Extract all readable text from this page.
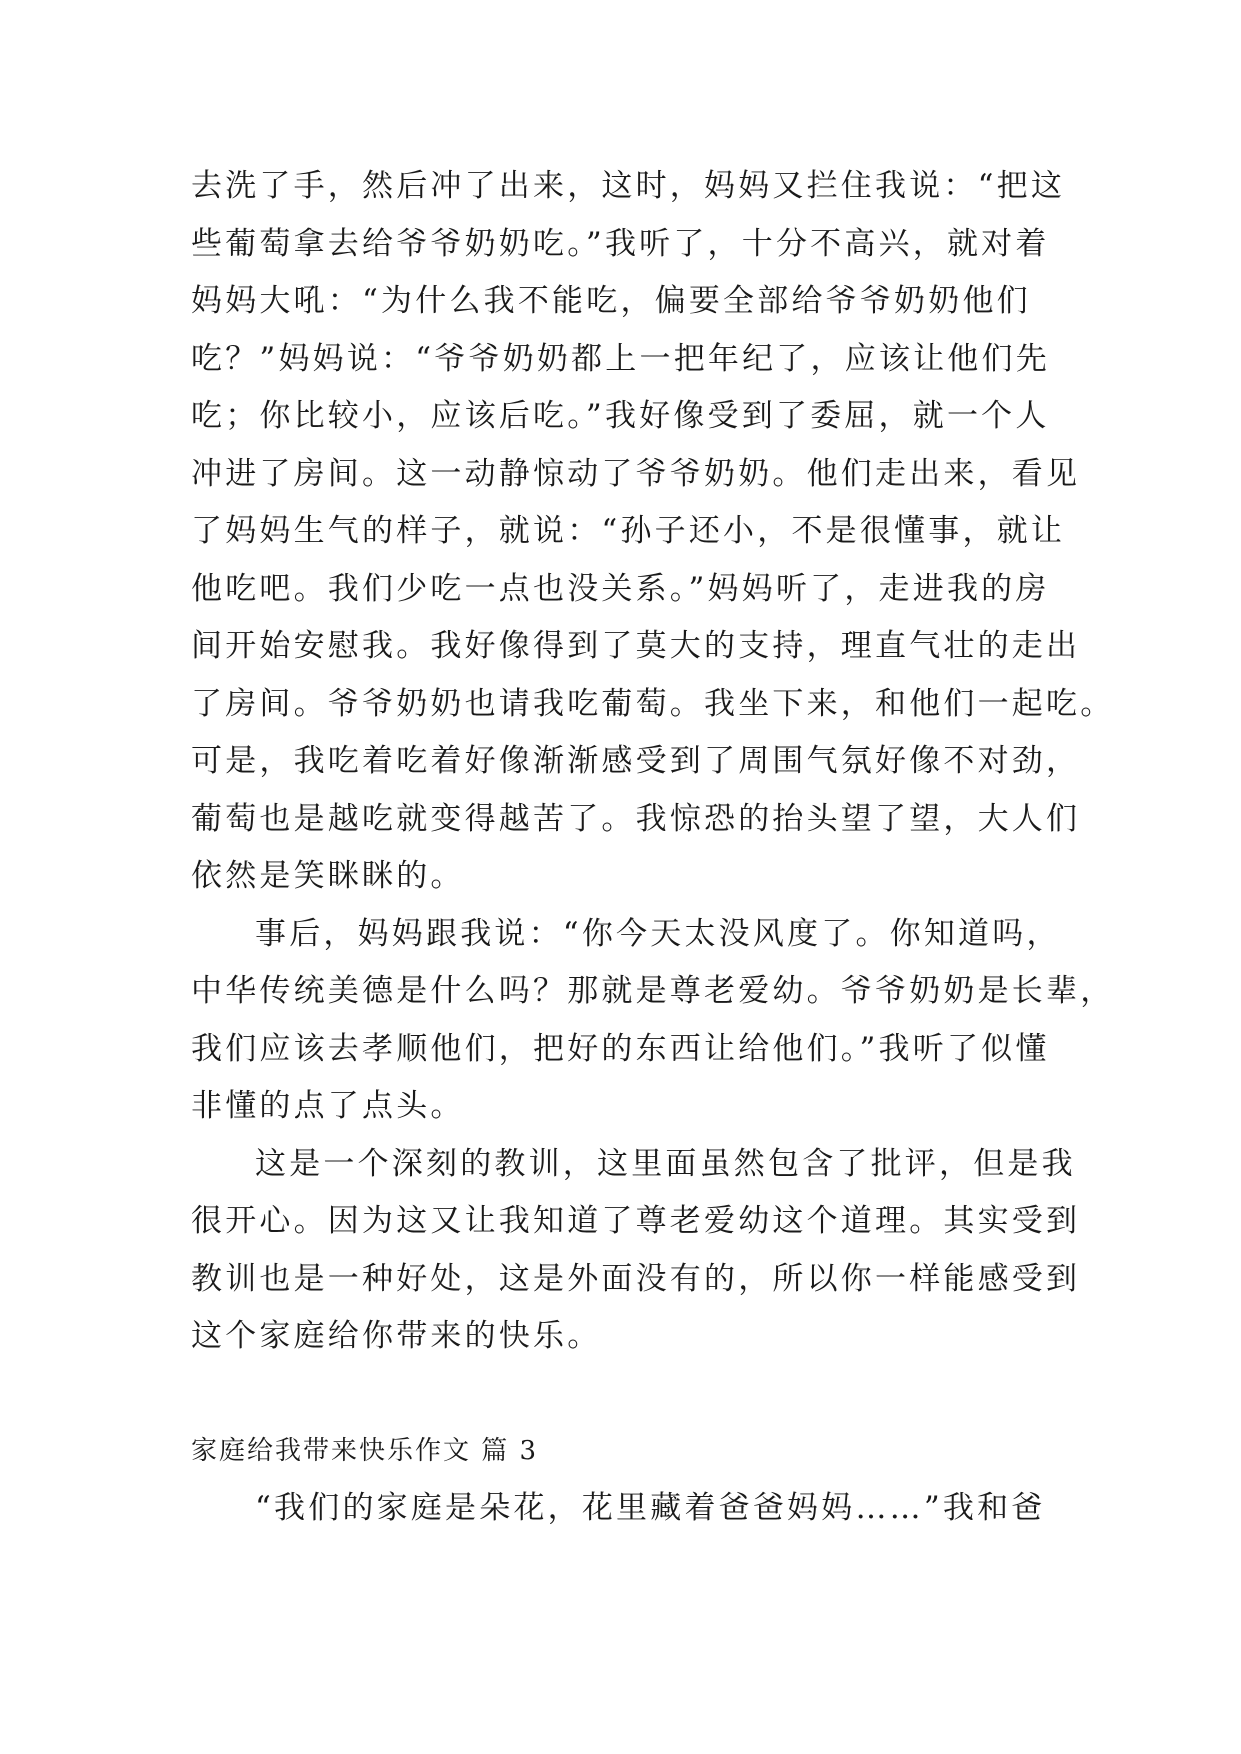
去洗了手，然后冲了出来，这时，妈妈又拦住我说：“把这
些葡萄拿去给爷爷奶奶吃。”我听了，十分不高兴，就对着
妈妈大吼：“为什么我不能吃，偏要全部给爷爷奶奶他们
吃？”妈妈说：“爷爷奶奶都上一把年纪了，应该让他们先
吃；你比较小，应该后吃。”我好像受到了委屈，就一个人
冲进了房间。这一动静惊动了爷爷奶奶。他们走出来，看见
了妈妈生气的样子，就说：“孙子还小，不是很懂事，就让
他吃吧。我们少吃一点也没关系。”妈妈听了，走进我的房
间开始安慰我。我好像得到了莫大的支持，理直气壮的走出
了房间。爷爷奶奶也请我吃葡萄。我坐下来，和他们一起吃。
可是，我吃着吃着好像渐渐感受到了周围气氛好像不对劲，
葡萄也是越吃就变得越苦了。我惊恐的抬头望了望，大人们
依然是笑眯眯的。
事后，妈妈跟我说：“你今天太没风度了。你知道吗，
中华传统美德是什么吗？那就是尊老爱幼。爷爷奶奶是长辈，
我们应该去孝顺他们，把好的东西让给他们。”我听了似懂
非懂的点了点头。
这是一个深刻的教训，这里面虽然包含了批评，但是我
很开心。因为这又让我知道了尊老爱幼这个道理。其实受到
教训也是一种好处，这是外面没有的，所以你一样能感受到
这个家庭给你带来的快乐。
家庭给我带来快乐作文 篇 3
“我们的家庭是朵花，花里藏着爸爸妈妈……”我和爸
